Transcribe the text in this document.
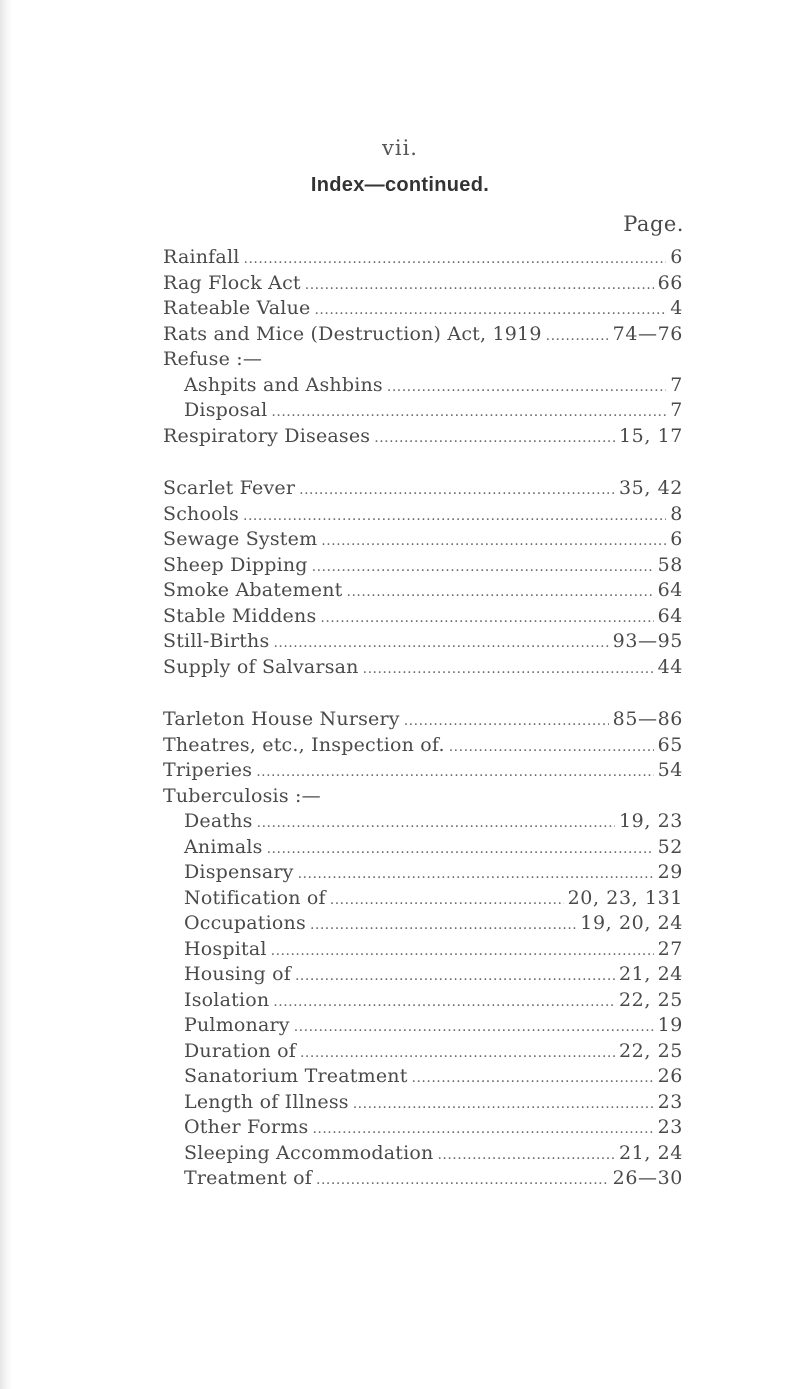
vii.
Index—continued.
Page.
Rainfall .....	6
Rag Flock Act .....	66
Rateable Value .....	4
Rats and Mice (Destruction) Act, 1919 .....	74—76
Refuse :—
Ashpits and Ashbins .....	7
Disposal .....	7
Respiratory Diseases .....	15, 17
Scarlet Fever .....	35, 42
Schools .....	8
Sewage System .....	6
Sheep Dipping .....	58
Smoke Abatement .....	64
Stable Middens .....	64
Still-Births .....	93—95
Supply of Salvarsan .....	44
Tarleton House Nursery .....	85—86
Theatres, etc., Inspection of. .....	65
Triperies .....	54
Tuberculosis :—
Deaths .....	19, 23
Animals .....	52
Dispensary .....	29
Notification of .....	20, 23, 131
Occupations .....	19, 20, 24
Hospital .....	27
Housing of .....	21, 24
Isolation .....	22, 25
Pulmonary .....	19
Duration of .....	22, 25
Sanatorium Treatment .....	26
Length of Illness .....	23
Other Forms .....	23
Sleeping Accommodation .....	21, 24
Treatment of .....	26—30
